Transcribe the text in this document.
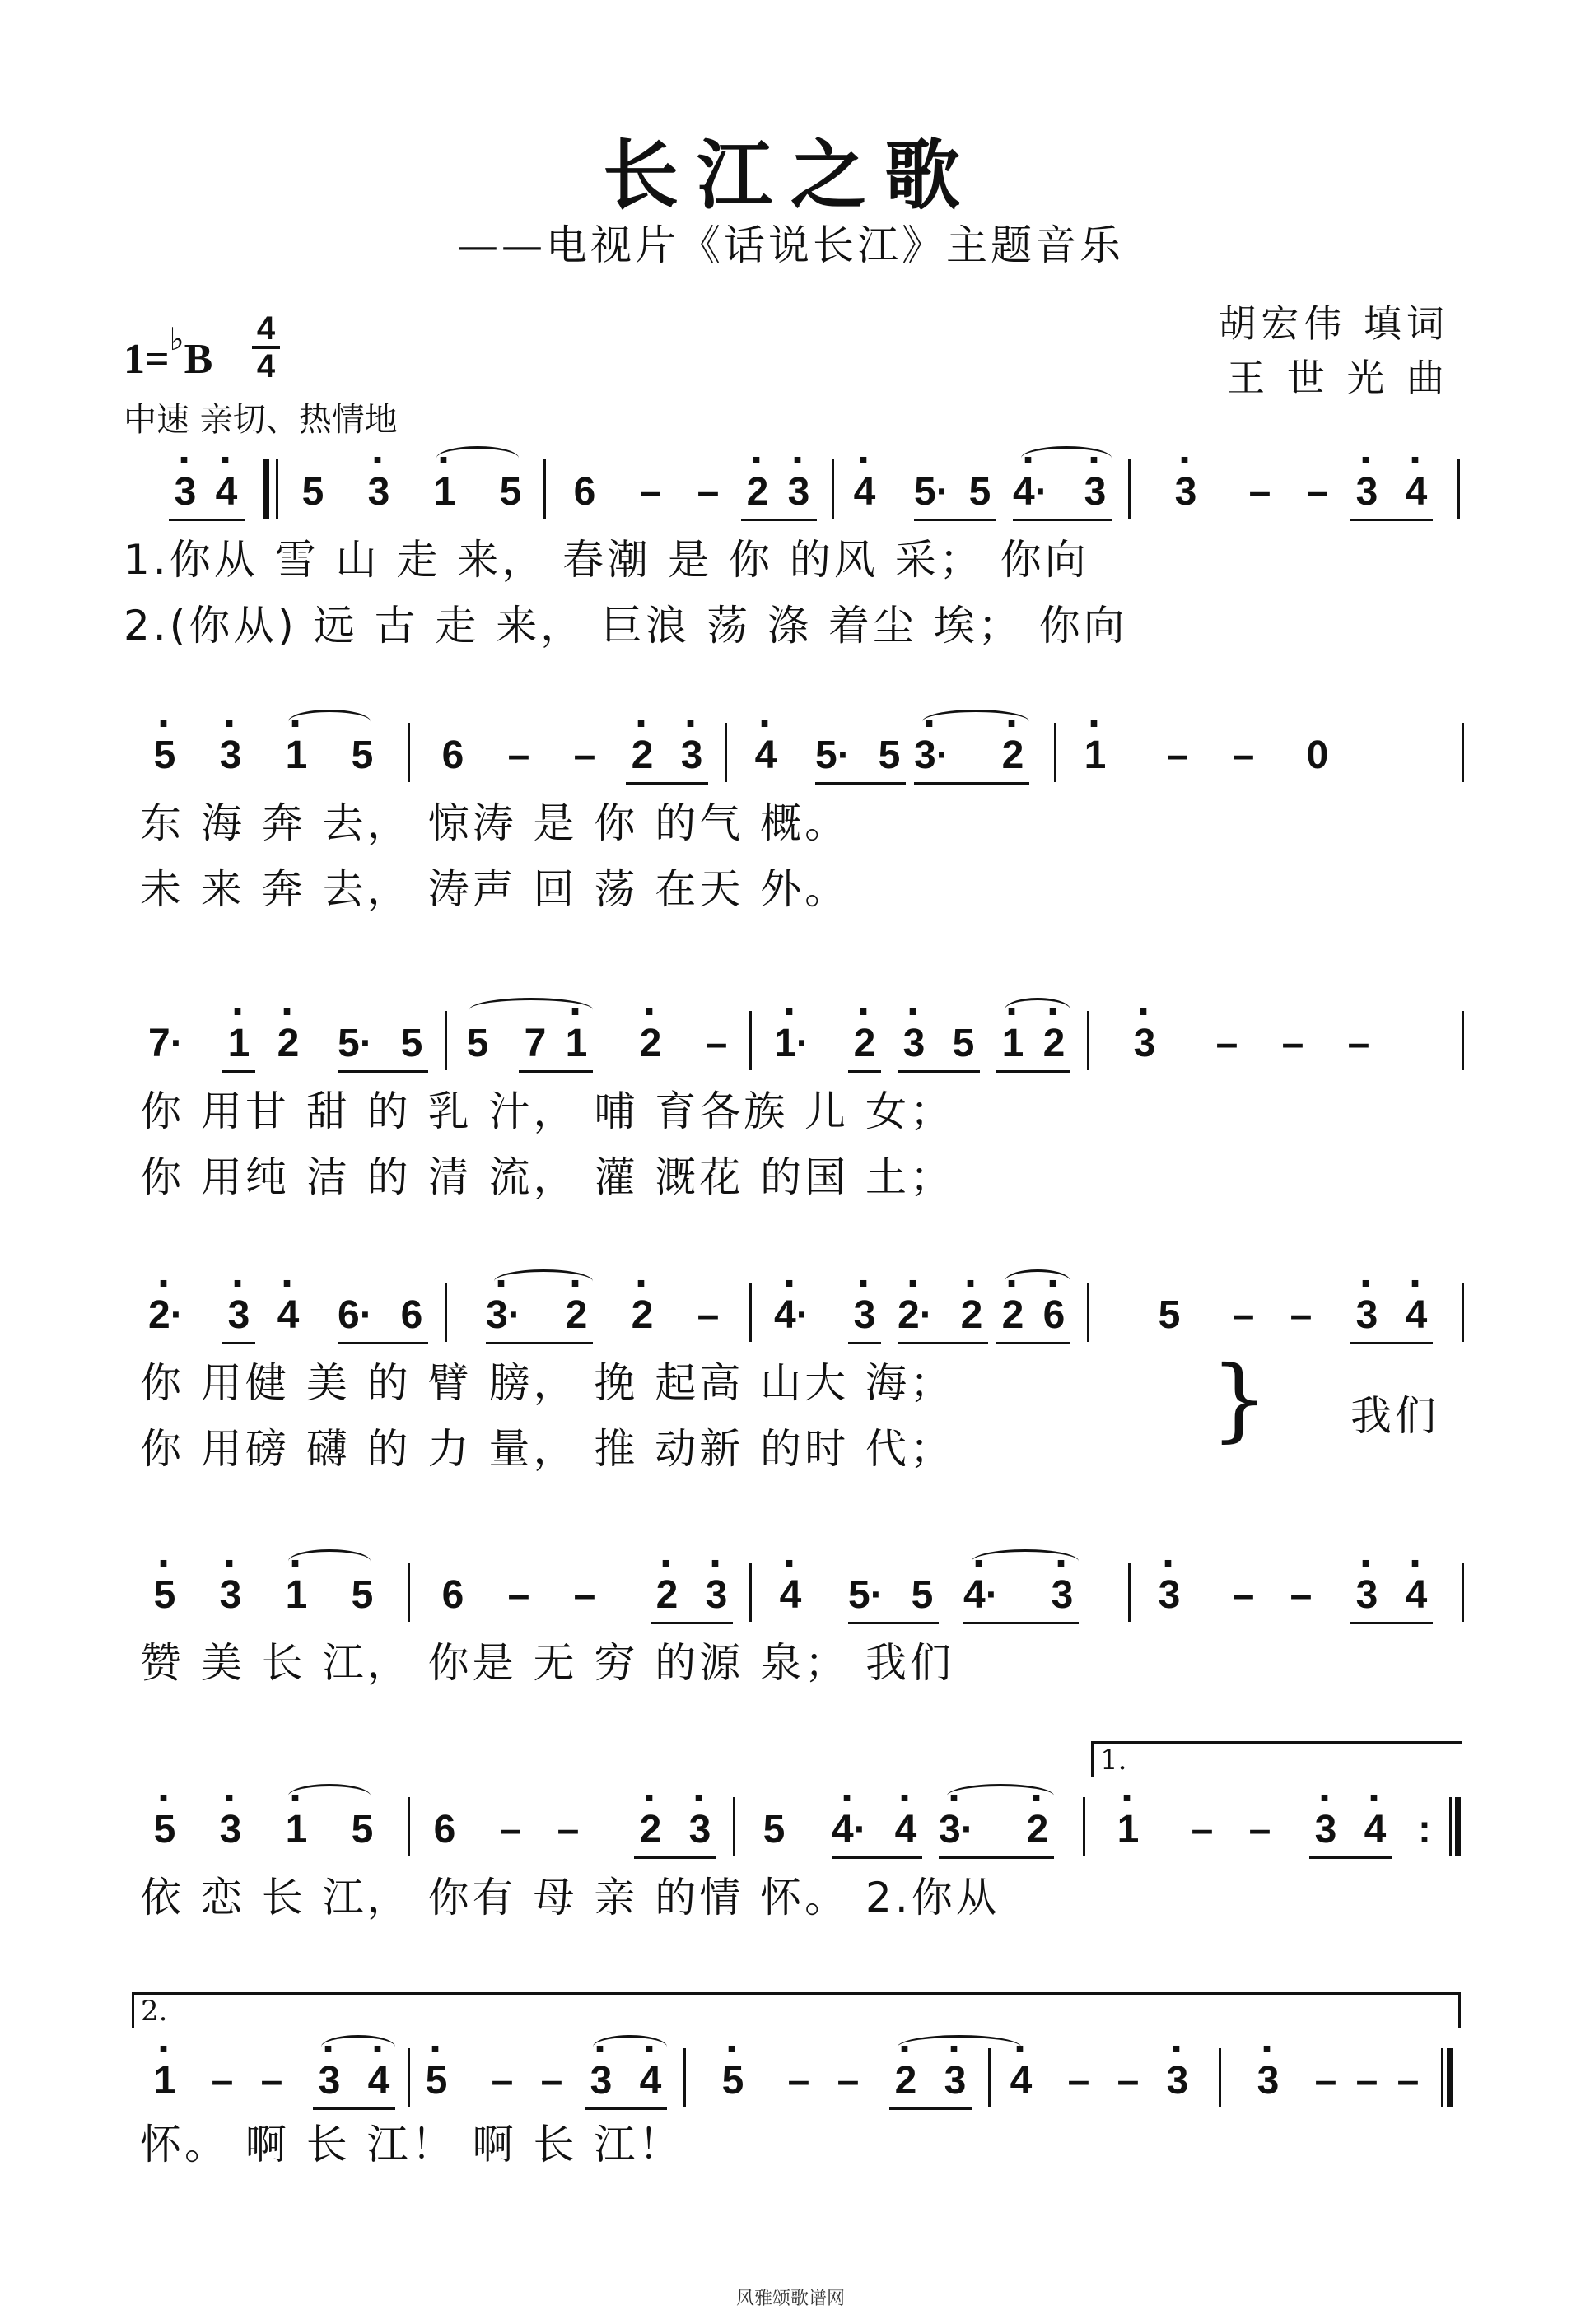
长江之歌
——电视片《话说长江》主题音乐
胡宏伟 填词
王 世 光 曲
$1=^♭B \frac{4}{4}$
中速 亲切、热情地
· 3 · 4 5 · 3 · 1 5 6 – – · 2 · 3 · 4 5· 5 · 4· · 3 · 3 – – · 3 · 4
1.你从 雪 山 走 来， 春潮 是 你 的风 采； 你向
2.(你从) 远 古 走 来， 巨浪 荡 涤 着尘 埃； 你向
· 5 · 3 · 1 5 6 – – · 2 · 3 · 4 5· 5 · 3· · 2 · 1 – – 0
东 海 奔 去， 惊涛 是 你 的气 概。
未 来 奔 去， 涛声 回 荡 在天 外。
7· · 1 · 2 5· 5 5 7 · 1 · 2 – · 1· · 2 · 3 5 · 1 · 2 · 3 – – –
你 用甘 甜 的 乳 汁， 哺 育各族 儿 女；
你 用纯 洁 的 清 流， 灌 溉花 的国 土；
· 2· · 3 · 4 6· 6 · 3· · 2 · 2 – · 4· · 3 · 2· · 2 · 2 · 6 5 – – · 3 · 4
你 用健 美 的 臂 膀， 挽 起高 山大 海；
你 用磅 礴 的 力 量， 推 动新 的时 代；	} 我们
· 5 · 3 · 1 5 6 – – · 2 · 3 · 4 5· 5 · 4· · 3 · 3 – – · 3 · 4
赞 美 长 江， 你是 无 穷 的源 泉； 我们
1.
· 5 · 3 · 1 5 6 – – · 2 · 3 5 · 4· · 4 · 3· · 2 · 1 – – · 3 · 4 :
依 恋 长 江， 你有 母 亲 的情 怀。 2.你从
2.
· 1 – – · 3 · 4 · 5 – – · 3 · 4 · 5 – – · 2 · 3 · 4 – – · 3 · 3 – – –
怀。 啊 长 江！ 啊 长 江！
风雅颂歌谱网
